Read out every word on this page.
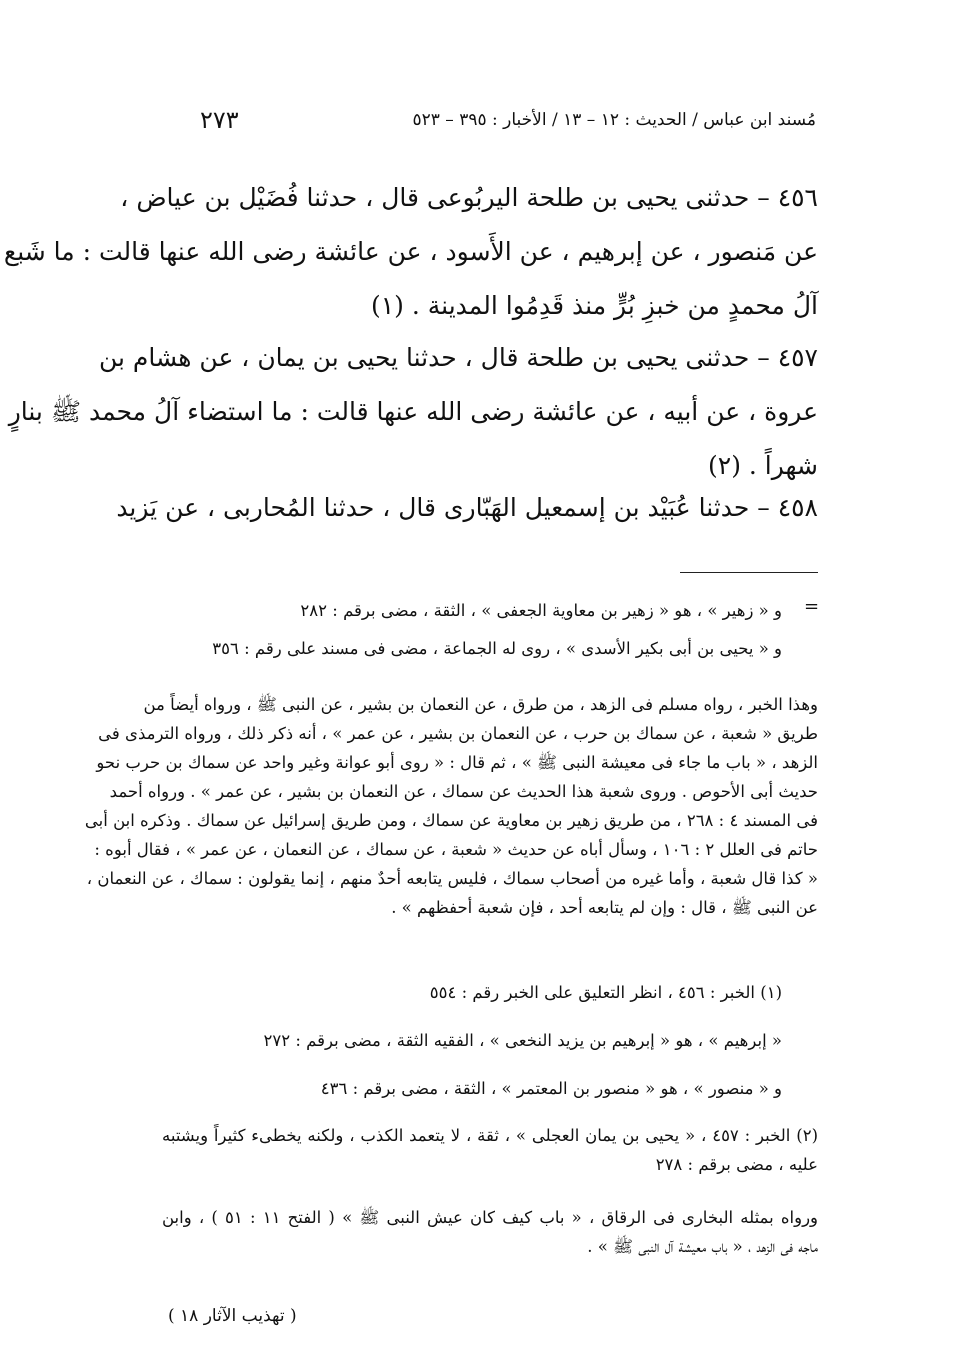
٢٧٣	مُسند ابن عباس / الحديث : ١٢ – ١٣ / الأخبار : ٣٩٥ – ٥٢٣
٤٥٦ – حدثنى يحيى بن طلحة اليربُوعى قال ، حدثنا فُضَيْل بن عياض ،
عن مَنصور ، عن إبرهيم ، عن الأَسود ، عن عائشة رضى الله عنها قالت : ما شَبع
آلُ محمدٍ من خبزِ بُرٍّ منذ قَدِمُوا المدينة . (١)
٤٥٧ – حدثنى يحيى بن طلحة قال ، حدثنا يحيى بن يمان ، عن هشام بن
عروة ، عن أبيه ، عن عائشة رضى الله عنها قالت : ما استضاء آلُ محمد ﷺ بنارٍ
شهراً . (٢)
٤٥٨ – حدثنا عُبَيْد بن إسمعيل الهَبّارى قال ، حدثنا المُحاربى ، عن يَزيد
=
و « زهير » ، هو « زهير بن معاوية الجعفى » ، الثقة ، مضى برقم : ٢٨٢
و « يحيى بن أبى بكير الأسدى » ، روى له الجماعة ، مضى فى مسند على رقم : ٣٥٦
وهذا الخبر ، رواه مسلم فى الزهد ، من طرق ، عن النعمان بن بشير ، عن النبى ﷺ ، ورواه أيضاً من
طريق « شعبة ، عن سماك بن حرب ، عن النعمان بن بشير ، عن عمر » ، أنه ذكر ذلك ، ورواه الترمذى فى
الزهد ، « باب ما جاء فى معيشة النبى ﷺ » ، ثم قال : « روى أبو عوانة وغير واحد عن سماك بن حرب نحو
حديث أبى الأحوص . وروى شعبة هذا الحديث عن سماك ، عن النعمان بن بشير ، عن عمر » . ورواه أحمد
فى المسند ٤ : ٢٦٨ ، من طريق زهير بن معاوية عن سماك ، ومن طريق إسرائيل عن سماك . وذكره ابن أبى
حاتم فى العلل ٢ : ١٠٦ ، وسأل أباه عن حديث « شعبة ، عن سماك ، عن النعمان ، عن عمر » ، فقال أبوه :
« كذا قال شعبة ، وأما غيره من أصحاب سماك ، فليس يتابعه أحدٌ منهم ، إنما يقولون : سماك ، عن النعمان ،
عن النبى ﷺ ، قال : وإن لم يتابعه أحد ، فإن شعبة أحفظهم » .
(١) الخبر : ٤٥٦ ، انظر التعليق على الخبر رقم : ٥٥٤
« إبرهيم » ، هو « إبرهيم بن يزيد النخعى » ، الفقيه الثقة ، مضى برقم : ٢٧٢
و « منصور » ، هو « منصور بن المعتمر » ، الثقة ، مضى برقم : ٤٣٦
(٢) الخبر : ٤٥٧ ، « يحيى بن يمان العجلى » ، ثقة ، لا يتعمد الكذب ، ولكنه يخطىء كثيراً ويشتبه
عليه ، مضى برقم : ٢٧٨
ورواه بمثله البخارى فى الرقاق ، « باب كيف كان عيش النبى ﷺ » ( الفتح ١١ : ٥١ ) ، وابن
ماجه فى الزهد ، « باب معيشة آل النبى ﷺ » .
( تهذيب الآثار ١٨ )
